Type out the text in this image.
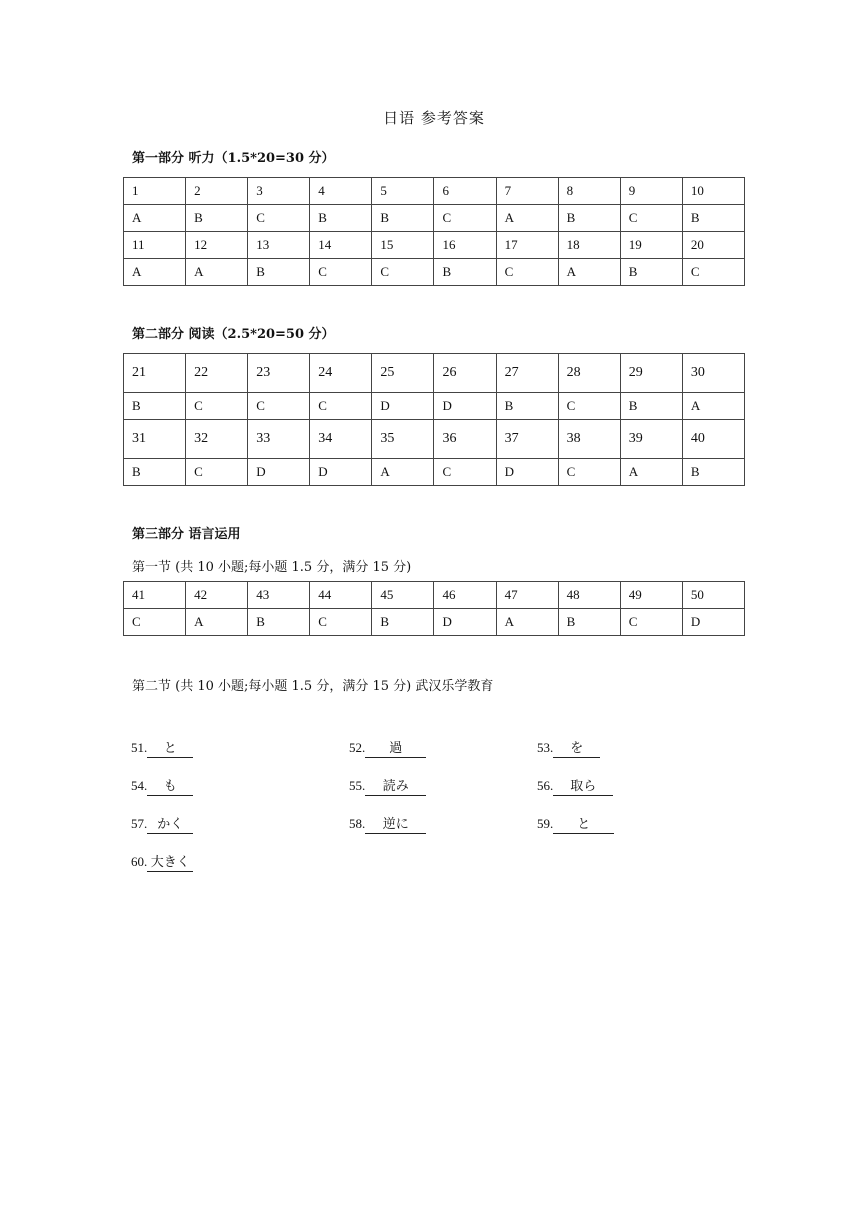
日语 参考答案
第一部分 听力（1.5*20=30 分）
1	2	3	4	5	6	7	8	9	10
A	B	C	B	B	C	A	B	C	B
11	12	13	14	15	16	17	18	19	20
A	A	B	C	C	B	C	A	B	C
第二部分 阅读（2.5*20=50 分）
21	22	23	24	25	26	27	28	29	30
B	C	C	C	D	D	B	C	B	A
31	32	33	34	35	36	37	38	39	40
B	C	D	D	A	C	D	C	A	B
第三部分 语言运用
第一节 (共 10 小题;每小题 1.5 分，满分 15 分)
41	42	43	44	45	46	47	48	49	50
C	A	B	C	B	D	A	B	C	D
第二节 (共 10 小题;每小题 1.5 分，满分 15 分) 武汉乐学教育
51. と	52. 過	53. を
54. も	55. 読み	56. 取ら
57. かく	58. 逆に	59. と
60. 大きく
